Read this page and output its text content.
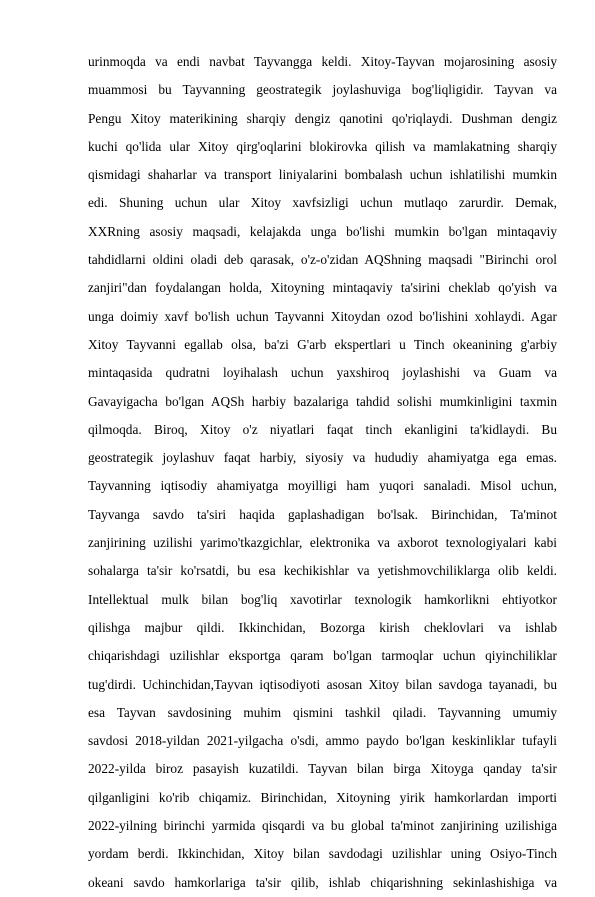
urinmoqda va endi navbat Tayvangga keldi. Xitoy-Tayvan mojarosining asosiy
muammosi bu Tayvanning geostrategik joylashuviga bog'liqligidir. Tayvan va
Pengu Xitoy materikining sharqiy dengiz qanotini qo'riqlaydi. Dushman dengiz
kuchi qo'lida ular Xitoy qirg'oqlarini blokirovka qilish va mamlakatning sharqiy
qismidagi shaharlar va transport liniyalarini bombalash uchun ishlatilishi mumkin
edi. Shuning uchun ular Xitoy xavfsizligi uchun mutlaqo zarurdir. Demak,
XXRning asosiy maqsadi, kelajakda unga bo'lishi mumkin bo'lgan mintaqaviy
tahdidlarni oldini oladi deb qarasak, o'z-o'zidan AQShning maqsadi "Birinchi orol
zanjiri"dan foydalangan holda, Xitoyning mintaqaviy ta'sirini cheklab qo'yish va
unga doimiy xavf bo'lish uchun Tayvanni Xitoydan ozod bo'lishini xohlaydi. Agar
Xitoy Tayvanni egallab olsa, ba'zi G'arb ekspertlari u Tinch okeanining g'arbiy
mintaqasida qudratni loyihalash uchun yaxshiroq joylashishi va Guam va
Gavayigacha bo'lgan AQSh harbiy bazalariga tahdid solishi mumkinligini taxmin
qilmoqda. Biroq, Xitoy o'z niyatlari faqat tinch ekanligini ta'kidlaydi. Bu
geostrategik joylashuv faqat harbiy, siyosiy va hududiy ahamiyatga ega emas.
Tayvanning iqtisodiy ahamiyatga moyilligi ham yuqori sanaladi. Misol uchun,
Tayvanga savdo ta'siri haqida gaplashadigan bo'lsak. Birinchidan, Ta'minot
zanjirining uzilishi yarimo'tkazgichlar, elektronika va axborot texnologiyalari kabi
sohalarga ta'sir ko'rsatdi, bu esa kechikishlar va yetishmovchiliklarga olib keldi.
Intellektual mulk bilan bog'liq xavotirlar texnologik hamkorlikni ehtiyotkor
qilishga majbur qildi. Ikkinchidan, Bozorga kirish cheklovlari va ishlab
chiqarishdagi uzilishlar eksportga qaram bo'lgan tarmoqlar uchun qiyinchiliklar
tug'dirdi. Uchinchidan,Tayvan iqtisodiyoti asosan Xitoy bilan savdoga tayanadi, bu
esa Tayvan savdosining muhim qismini tashkil qiladi. Tayvanning umumiy
savdosi 2018-yildan 2021-yilgacha o'sdi, ammo paydo bo'lgan keskinliklar tufayli
2022-yilda biroz pasayish kuzatildi. Tayvan bilan birga Xitoyga qanday ta'sir
qilganligini ko'rib chiqamiz. Birinchidan, Xitoyning yirik hamkorlardan importi
2022-yilning birinchi yarmida qisqardi va bu global ta'minot zanjirining uzilishiga
yordam berdi. Ikkinchidan, Xitoy bilan savdodagi uzilishlar uning Osiyo-Tinch
okeani savdo hamkorlariga ta'sir qilib, ishlab chiqarishning sekinlashishiga va
